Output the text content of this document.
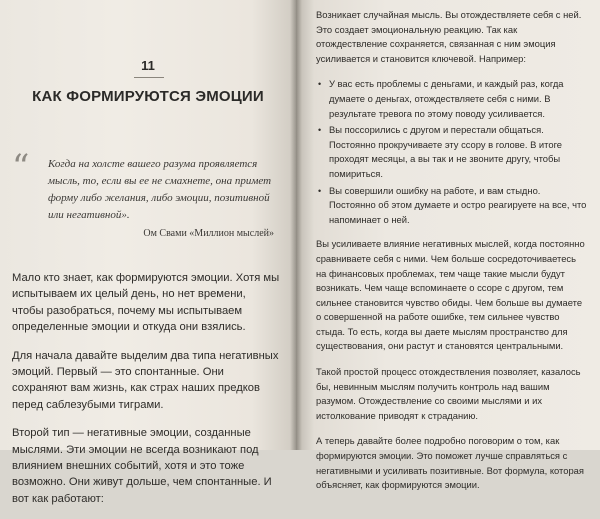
11
КАК ФОРМИРУЮТСЯ ЭМОЦИИ
“ Когда на холсте вашего разума проявляется мысль, то, если вы ее не смахнете, она примет форму либо желания, либо эмоции, позитивной или негативной».
Ом Свами «Миллион мыслей»

Мало кто знает, как формируются эмоции. Хотя мы испытываем их целый день, но нет времени, чтобы разобраться, почему мы испытываем определенные эмоции и откуда они взялись.

Для начала давайте выделим два типа негативных эмоций. Первый — это спонтанные. Они сохраняют вам жизнь, как страх наших предков перед саблезубыми тиграми.

Второй тип — негативные эмоции, созданные мыслями. Эти эмоции не всегда возникают под влиянием внешних событий, хотя и это тоже возможно. Они живут дольше, чем спонтанные. И вот как работают:

Возникает случайная мысль. Вы отождествляете себя с ней. Это создает эмоциональную реакцию. Так как отождествление сохраняется, связанная с ним эмоция усиливается и становится ключевой. Например:

• У вас есть проблемы с деньгами, и каждый раз, когда думаете о деньгах, отождествляете себя с ними. В результате тревога по этому поводу усиливается.
• Вы поссорились с другом и перестали общаться. Постоянно прокручиваете эту ссору в голове. В итоге проходят месяцы, а вы так и не звоните другу, чтобы помириться.
• Вы совершили ошибку на работе, и вам стыдно. Постоянно об этом думаете и остро реагируете на все, что напоминает о ней.

Вы усиливаете влияние негативных мыслей, когда постоянно сравниваете себя с ними. Чем больше сосредоточиваетесь на финансовых проблемах, тем чаще такие мысли будут возникать. Чем чаще вспоминаете о ссоре с другом, тем сильнее становится чувство обиды. Чем больше вы думаете о совершенной на работе ошибке, тем сильнее чувство стыда. То есть, когда вы даете мыслям пространство для существования, они растут и становятся центральными.

Такой простой процесс отождествления позволяет, казалось бы, невинным мыслям получить контроль над вашим разумом. Отождествление со своими мыслями и их истолкование приводят к страданию.

А теперь давайте более подробно поговорим о том, как формируются эмоции. Это поможет лучше справляться с негативными и усиливать позитивные. Вот формула, которая объясняет, как формируются эмоции.
